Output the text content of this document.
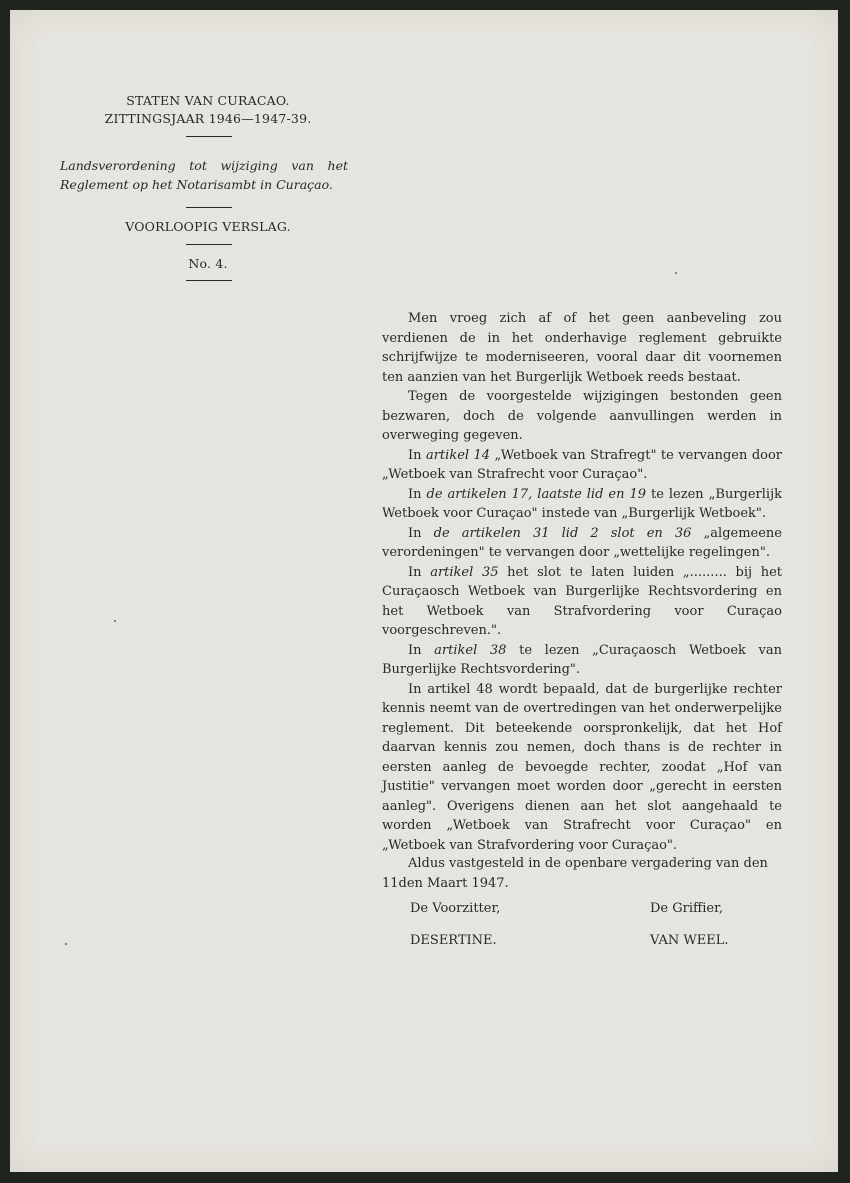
STATEN VAN CURACAO.
ZITTINGSJAAR 1946—1947-39.
Landsverordening tot wijziging van het Reglement op het Notarisambt in Curaçao.
VOORLOOPIG VERSLAG.
No. 4.

Men vroeg zich af of het geen aanbeveling zou verdienen de in het onderhavige reglement gebruikte schrijfwijze te moderniseeren, vooral daar dit voornemen ten aanzien van het Burgerlijk Wetboek reeds bestaat.

Tegen de voorgestelde wijzigingen bestonden geen bezwaren, doch de volgende aanvullingen werden in overweging gegeven.

In artikel 14 „Wetboek van Strafregt" te vervangen door „Wetboek van Strafrecht voor Curaçao".

In de artikelen 17, laatste lid en 19 te lezen „Burgerlijk Wetboek voor Curaçao" instede van „Burgerlijk Wetboek".

In de artikelen 31 lid 2 slot en 36 „algemeene verordeningen" te vervangen door „wettelijke regelingen".

In artikel 35 het slot te laten luiden „......... bij het Curaçaosch Wetboek van Burgerlijke Rechtsvordering en het Wetboek van Strafvordering voor Curaçao voorgeschreven.".

In artikel 38 te lezen „Curaçaosch Wetboek van Burgerlijke Rechtsvordering".

In artikel 48 wordt bepaald, dat de burgerlijke rechter kennis neemt van de overtredingen van het onderwerpelijke reglement. Dit beteekende oorspronkelijk, dat het Hof daarvan kennis zou nemen, doch thans is de rechter in eersten aanleg de bevoegde rechter, zoodat „Hof van Justitie" vervangen moet worden door „gerecht in eersten aanleg". Overigens dienen aan het slot aangehaald te worden „Wetboek van Strafrecht voor Curaçao" en „Wetboek van Strafvordering voor Curaçao".

Aldus vastgesteld in de openbare vergadering van den 11den Maart 1947.

De Voorzitter,
DESERTINE.
De Griffier,
VAN WEEL.
